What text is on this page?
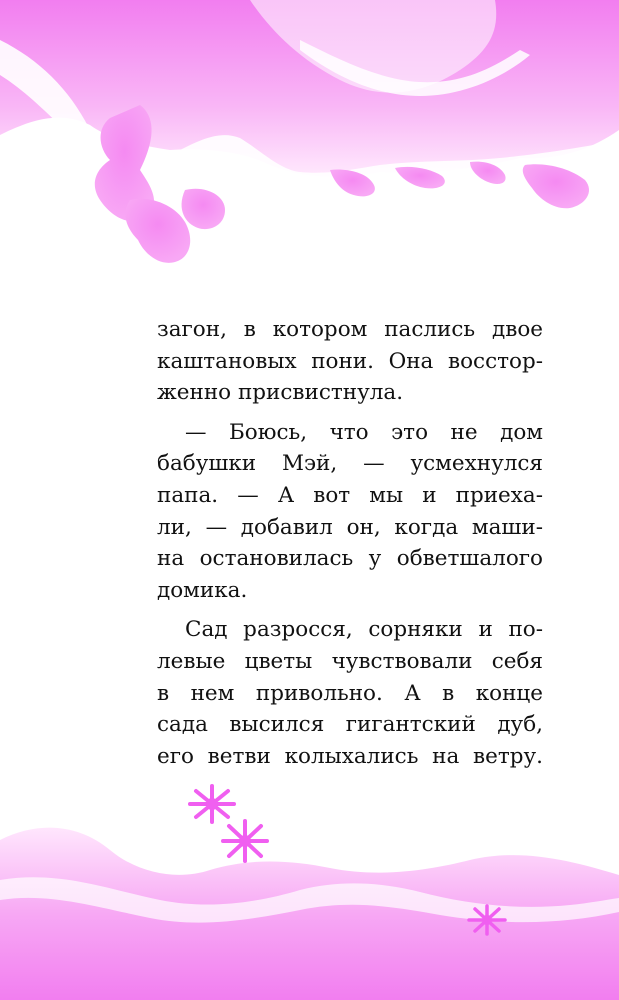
загон, в котором паслись двое
каштановых пони. Она восстор-
женно присвистнула.
— Боюсь, что это не дом
бабушки Мэй, — усмехнулся
папа. — А вот мы и приеха-
ли, — добавил он, когда маши-
на остановилась у обветшалого
домика.
Сад разросся, сорняки и по-
левые цветы чувствовали себя
в нем привольно. А в конце
сада высился гигантский дуб,
его ветви колыхались на ветру.
